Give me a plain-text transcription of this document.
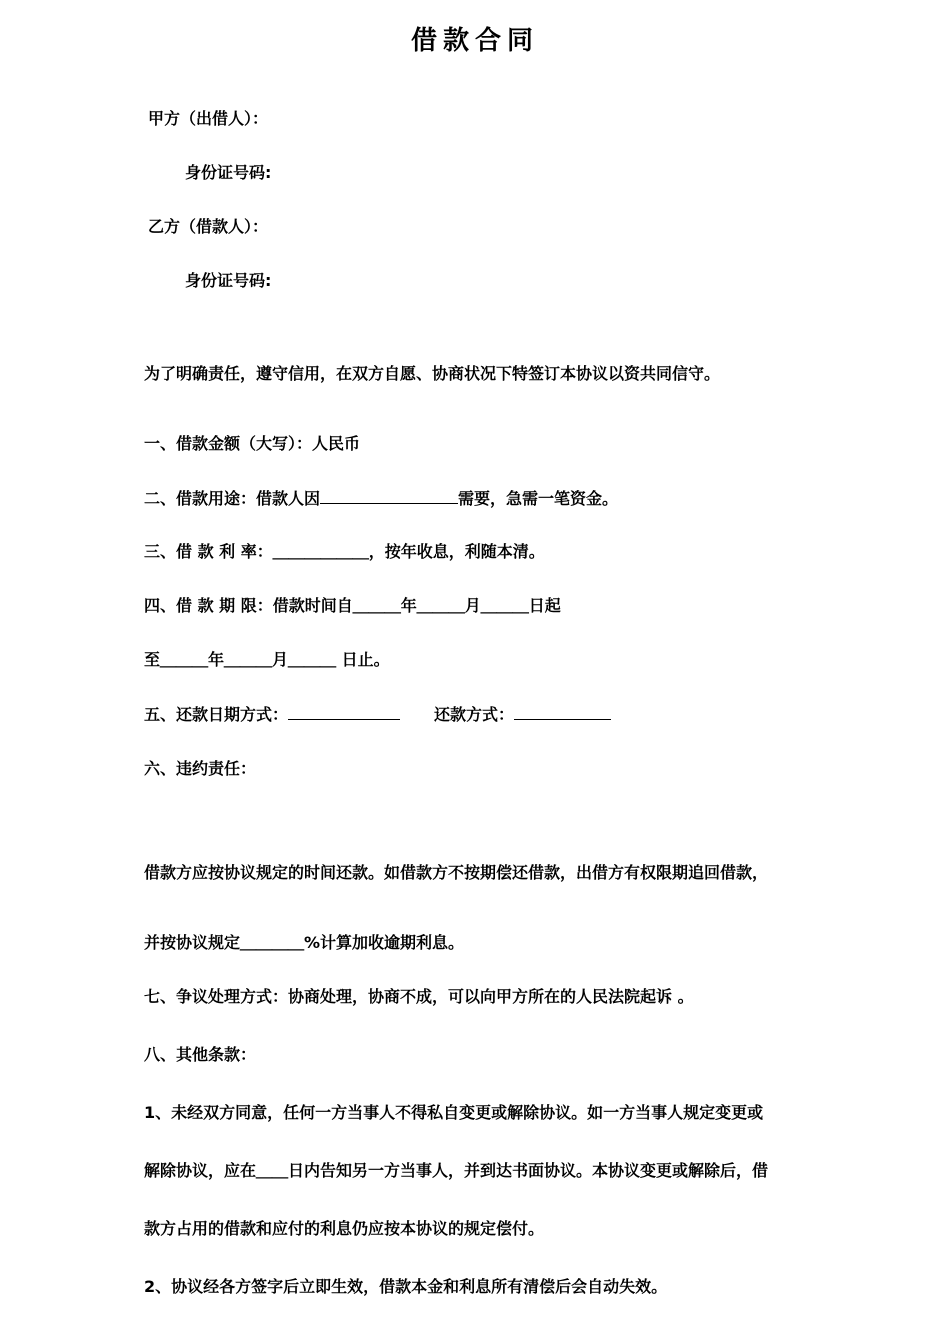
借款合同
甲方（出借人）：
身份证号码:
乙方（借款人）：
身份证号码:
为了明确责任，遵守信用，在双方自愿、协商状况下特签订本协议以资共同信守。
一、借款金额（大写）：人民币
二、借款用途：借款人因	需要，急需一笔资金。
三、借 款 利 率：＿＿＿＿＿＿，按年收息，利随本清。
四、借 款 期 限：借款时间自＿＿＿年＿＿＿月＿＿＿日起
至＿＿＿年＿＿＿月＿＿＿ 日止。
五、还款日期方式：	还款方式：
六、违约责任：
借款方应按协议规定的时间还款。如借款方不按期偿还借款，出借方有权限期追回借款，
并按协议规定＿＿＿＿%计算加收逾期利息。
七、争议处理方式：协商处理，协商不成，可以向甲方所在的人民法院起诉 。
八、其他条款：
1、未经双方同意，任何一方当事人不得私自变更或解除协议。如一方当事人规定变更或
解除协议，应在＿＿日内告知另一方当事人，并到达书面协议。本协议变更或解除后，借
款方占用的借款和应付的利息仍应按本协议的规定偿付。
2、协议经各方签字后立即生效，借款本金和利息所有清偿后会自动失效。
